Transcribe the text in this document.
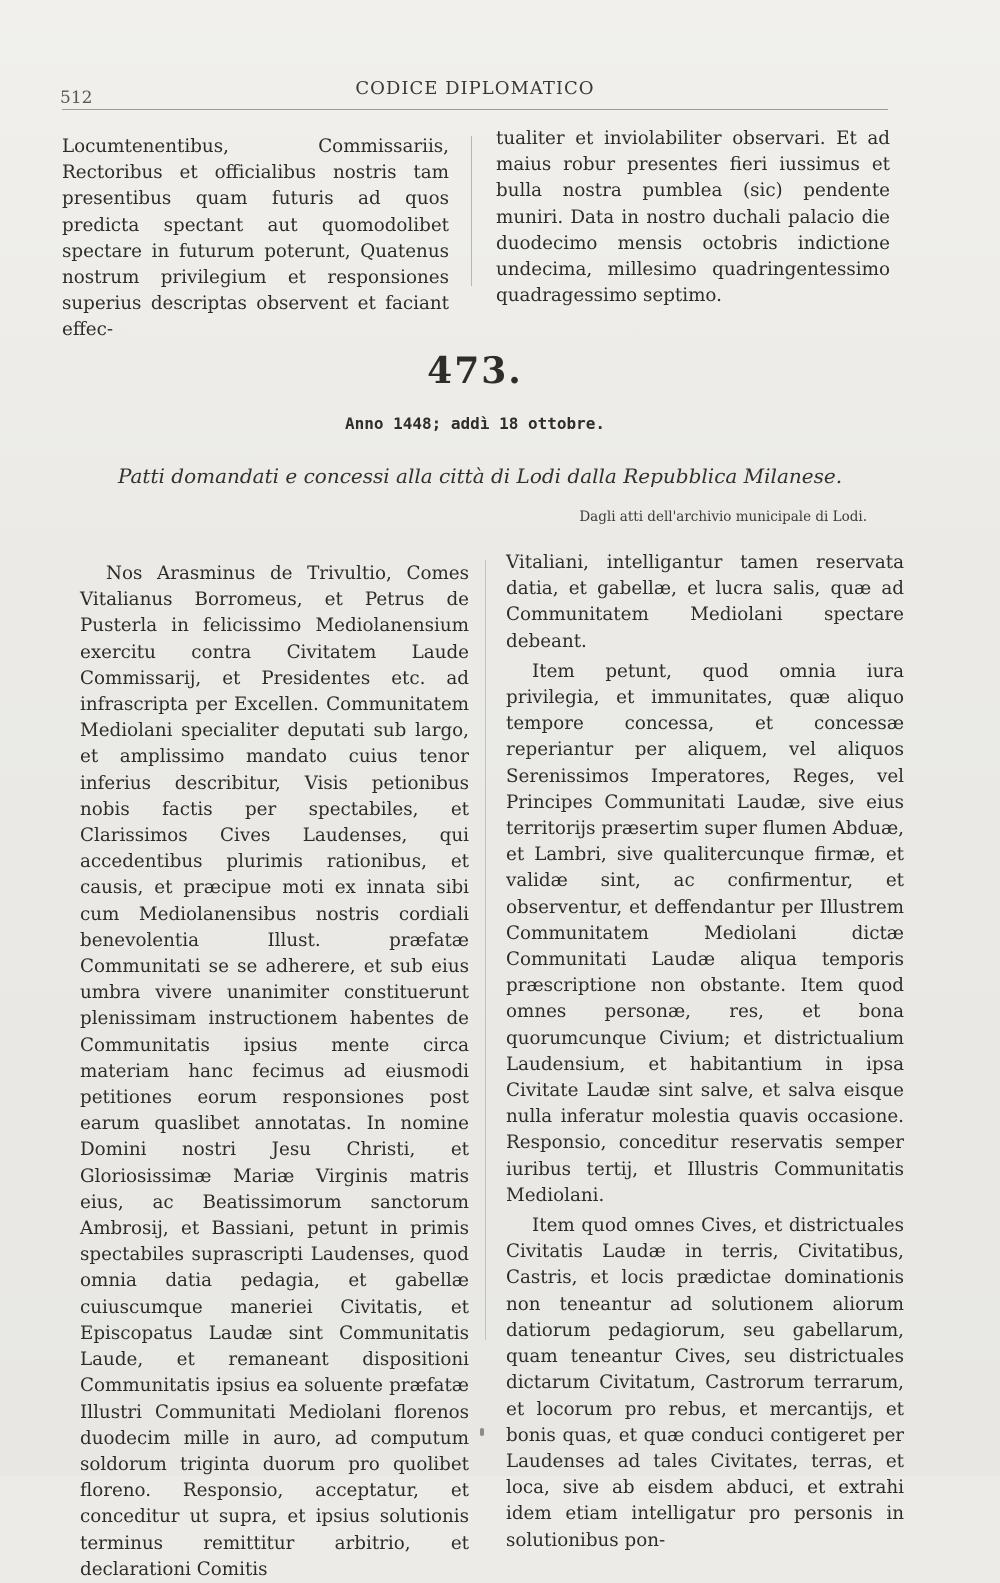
512	CODICE DIPLOMATICO

Locumtenentibus, Commissariis, Rectoribus et officialibus nostris tam presentibus quam futuris ad quos predicta spectant aut quomodolibet spectare in futurum poterunt, Quatenus nostrum privilegium et responsiones superius descriptas observent et faciant effec-

tualiter et inviolabiliter observari. Et ad maius robur presentes fieri iussimus et bulla nostra pumblea (sic) pendente muniri. Data in nostro duchali palacio die duodecimo mensis octobris indictione undecima, millesimo quadringentessimo quadragessimo septimo.

473.
Anno 1448; addì 18 ottobre.
Patti domandati e concessi alla città di Lodi dalla Repubblica Milanese.
Dagli atti dell'archivio municipale di Lodi.

Nos Arasminus de Trivultio, Comes Vitalianus Borromeus, et Petrus de Pusterla in felicissimo Mediolanensium exercitu contra Civitatem Laude Commissarij, et Presidentes etc. ad infrascripta per Excellen. Communitatem Mediolani specialiter deputati sub largo, et amplissimo mandato cuius tenor inferius describitur, Visis petionibus nobis factis per spectabiles, et Clarissimos Cives Laudenses, qui accedentibus plurimis rationibus, et causis, et præcipue moti ex innata sibi cum Mediolanensibus nostris cordiali benevolentia Illust. præfatæ Communitati se se adherere, et sub eius umbra vivere unanimiter constituerunt plenissimam instructionem habentes de Communitatis ipsius mente circa materiam hanc fecimus ad eiusmodi petitiones eorum responsiones post earum quaslibet annotatas. In nomine Domini nostri Jesu Christi, et Gloriosissimæ Mariæ Virginis matris eius, ac Beatissimorum sanctorum Ambrosij, et Bassiani, petunt in primis spectabiles suprascripti Laudenses, quod omnia datia pedagia, et gabellæ cuiuscumque maneriei Civitatis, et Episcopatus Laudæ sint Communitatis Laude, et remaneant dispositioni Communitatis ipsius ea soluente præfatæ Illustri Communitati Mediolani florenos duodecim mille in auro, ad computum soldorum triginta duorum pro quolibet floreno. Responsio, acceptatur, et conceditur ut supra, et ipsius solutionis terminus remittitur arbitrio, et declarationi Comitis

Vitaliani, intelligantur tamen reservata datia, et gabellæ, et lucra salis, quæ ad Communitatem Mediolani spectare debeant.

Item petunt, quod omnia iura privilegia, et immunitates, quæ aliquo tempore concessa, et concessæ reperiantur per aliquem, vel aliquos Serenissimos Imperatores, Reges, vel Principes Communitati Laudæ, sive eius territorijs præsertim super flumen Abduæ, et Lambri, sive qualitercunque firmæ, et validæ sint, ac confirmentur, et observentur, et deffendantur per Illustrem Communitatem Mediolani dictæ Communitati Laudæ aliqua temporis præscriptione non obstante. Item quod omnes personæ, res, et bona quorumcunque Civium; et districtualium Laudensium, et habitantium in ipsa Civitate Laudæ sint salve, et salva eisque nulla inferatur molestia quavis occasione. Responsio, conceditur reservatis semper iuribus tertij, et Illustris Communitatis Mediolani.

Item quod omnes Cives, et districtuales Civitatis Laudæ in terris, Civitatibus, Castris, et locis prædictae dominationis non teneantur ad solutionem aliorum datiorum pedagiorum, seu gabellarum, quam teneantur Cives, seu districtuales dictarum Civitatum, Castrorum terrarum, et locorum pro rebus, et mercantijs, et bonis quas, et quæ conduci contigeret per Laudenses ad tales Civitates, terras, et loca, sive ab eisdem abduci, et extrahi idem etiam intelligatur pro personis in solutionibus pon-
